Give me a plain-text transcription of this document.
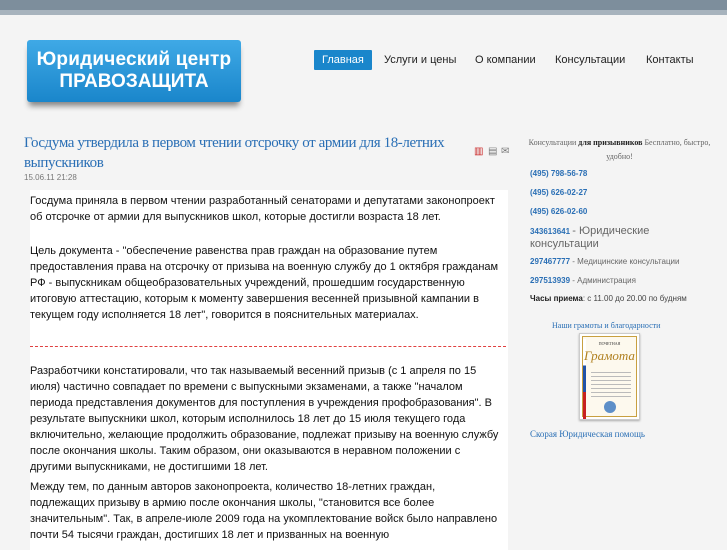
Юридический центр
ПРАВОЗАЩИТА
Главная	Услуги и цены О компании Консультации Контакты
Госдума утвердила в первом чтении отсрочку от армии для 18-летних выпускников
15.06.11 21:28
▥ ▤ ✉

Госдума приняла в первом чтении разработанный сенаторами и депутатами законопроект об отсрочке от армии для выпускников школ, которые достигли возраста 18 лет.

Цель документа - "обеспечение равенства прав граждан на образование путем предоставления права на отсрочку от призыва на военную службу до 1 октября гражданам РФ - выпускникам общеобразовательных учреждений, прошедшим государственную итоговую аттестацию, которым к моменту завершения весенней призывной кампании в текущем году исполняется 18 лет", говорится в пояснительных материалах.

Разработчики констатировали, что так называемый весенний призыв (с 1 апреля по 15 июля) частично совпадает по времени с выпускными экзаменами, а также "началом периода представления документов для поступления в учреждения профобразования". В результате выпускники школ, которым исполнилось 18 лет до 15 июля текущего года включительно, желающие продолжить образование, подлежат призыву на военную службу после окончания школы. Таким образом, они оказываются в неравном положении с другими выпускниками, не достигшими 18 лет.

Между тем, по данным авторов законопроекта, количество 18-летних граждан, подлежащих призыву в армию после окончания школы, "становится все более значительным". Так, в апреле-июле 2009 года на укомплектование войск было направлено почти 54 тысячи граждан, достигших 18 лет и призванных на военную

Консультации для призывников Бесплатно, быстро, удобно!
(495) 798-56-78
(495) 626-02-27
(495) 626-02-60
343613641 - Юридические консультации
297467777 - Медицинские консультации
297513939 - Администрация
Часы приема: с 11.00 до 20.00 по будням
Наши грамоты и благодарности
ПОЧЕТНАЯ
Грамота
Скорая Юридическая помощь
